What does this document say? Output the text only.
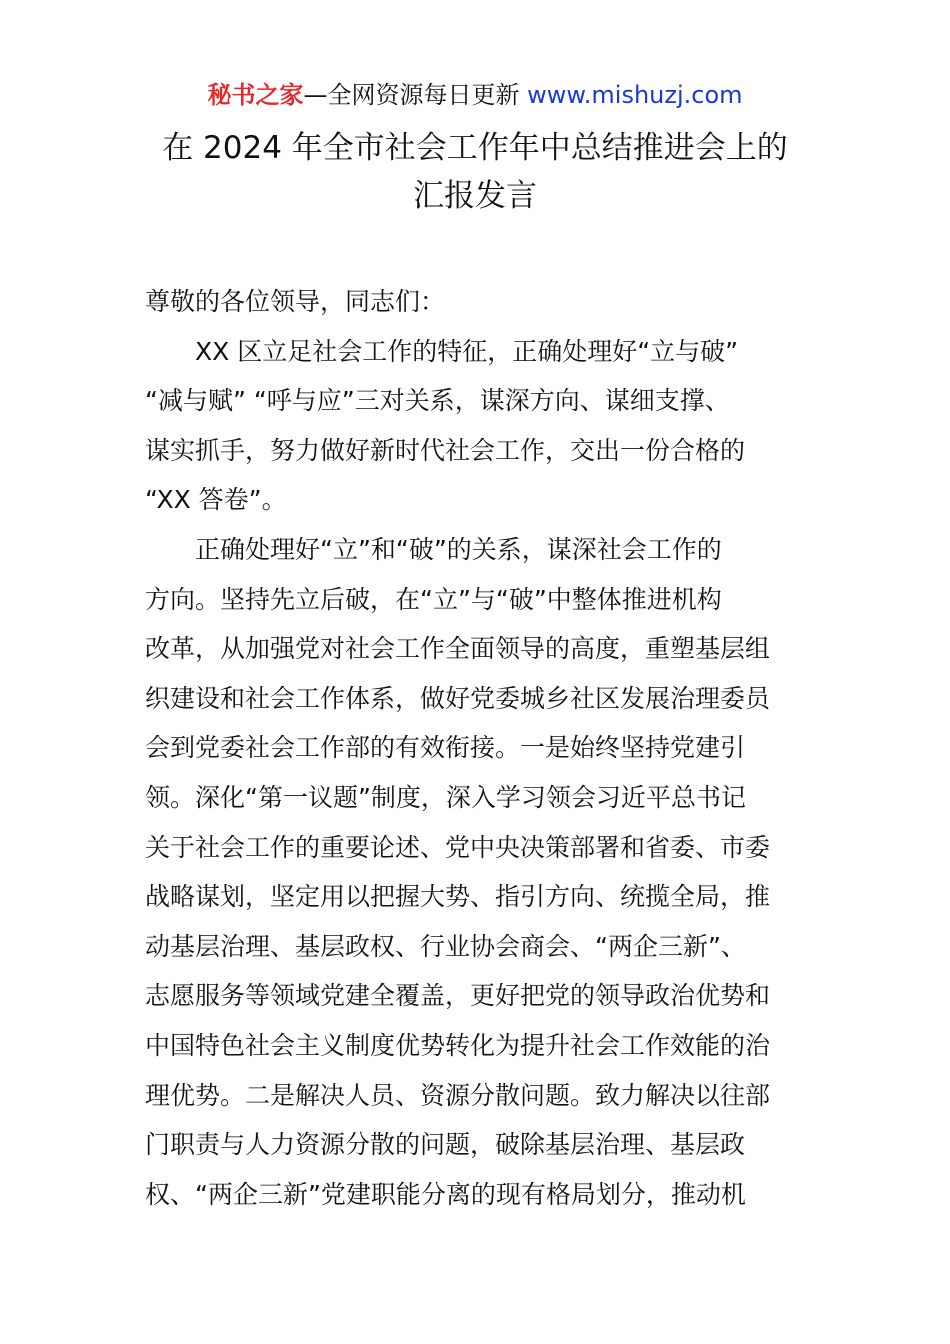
秘书之家—全网资源每日更新 www.mishuzj.com
在 2024 年全市社会工作年中总结推进会上的
汇报发言
尊敬的各位领导，同志们：
XX 区立足社会工作的特征，正确处理好“立与破”
“减与赋” “呼与应”三对关系，谋深方向、谋细支撑、
谋实抓手，努力做好新时代社会工作，交出一份合格的
“XX 答卷”。
正确处理好“立”和“破”的关系，谋深社会工作的
方向。坚持先立后破，在“立”与“破”中整体推进机构
改革，从加强党对社会工作全面领导的高度，重塑基层组
织建设和社会工作体系，做好党委城乡社区发展治理委员
会到党委社会工作部的有效衔接。一是始终坚持党建引
领。深化“第一议题”制度，深入学习领会习近平总书记
关于社会工作的重要论述、党中央决策部署和省委、市委
战略谋划，坚定用以把握大势、指引方向、统揽全局，推
动基层治理、基层政权、行业协会商会、“两企三新”、
志愿服务等领域党建全覆盖，更好把党的领导政治优势和
中国特色社会主义制度优势转化为提升社会工作效能的治
理优势。二是解决人员、资源分散问题。致力解决以往部
门职责与人力资源分散的问题，破除基层治理、基层政
权、“两企三新”党建职能分离的现有格局划分，推动机
